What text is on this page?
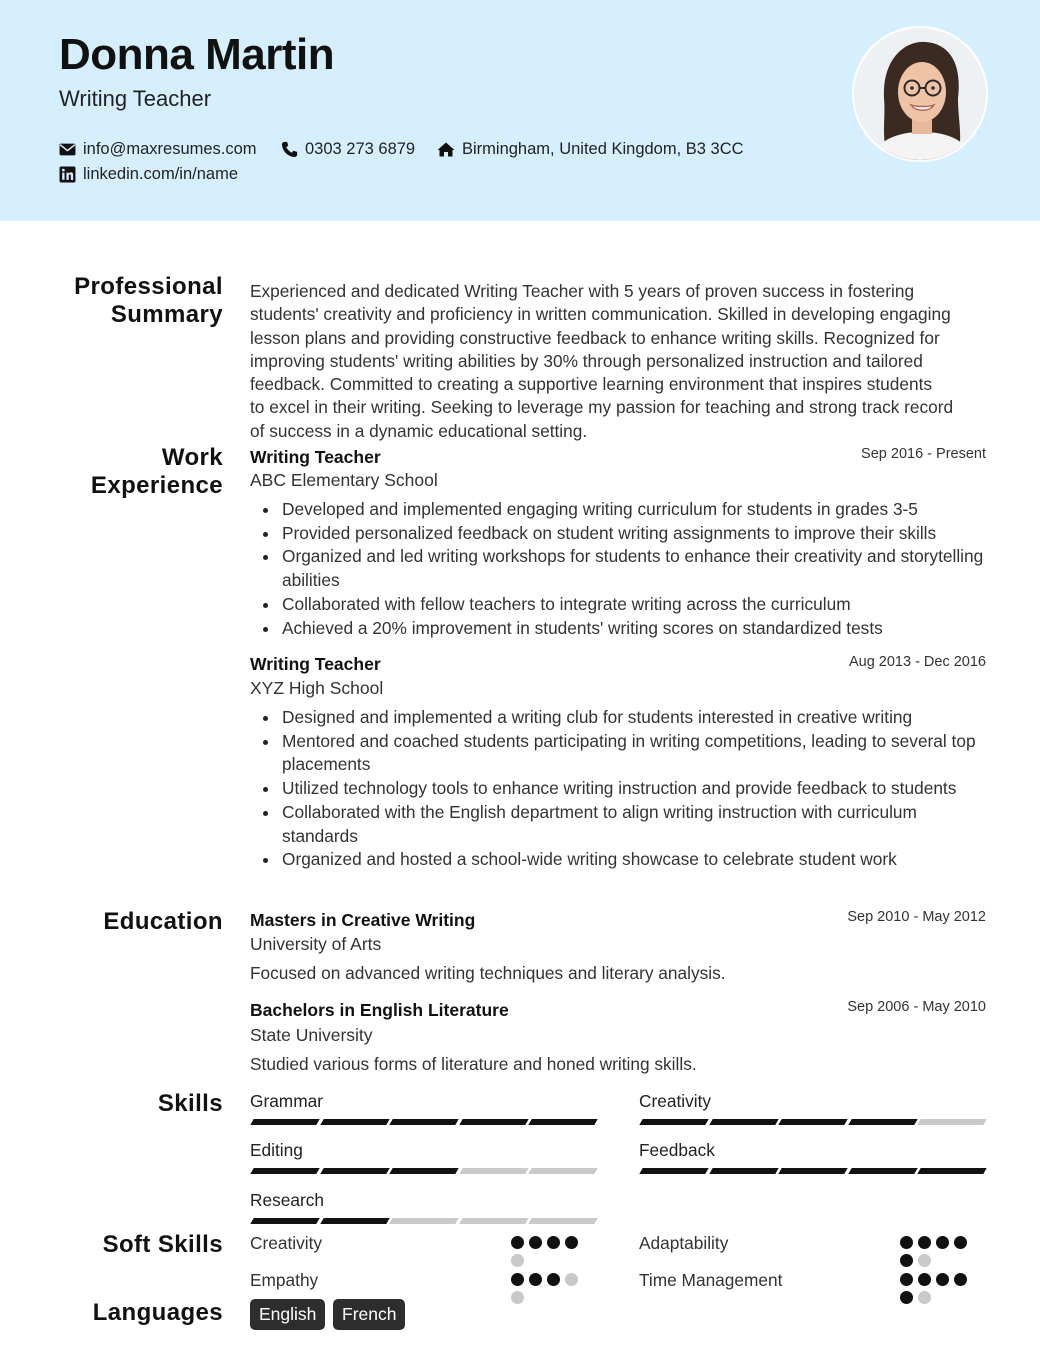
Donna Martin
Writing Teacher
info@maxresumes.com	0303 273 6879	Birmingham, United Kingdom, B3 3CC
linkedin.com/in/name
Professional
Summary
Experienced and dedicated Writing Teacher with 5 years of proven success in fostering
students' creativity and proficiency in written communication. Skilled in developing engaging
lesson plans and providing constructive feedback to enhance writing skills. Recognized for
improving students' writing abilities by 30% through personalized instruction and tailored
feedback. Committed to creating a supportive learning environment that inspires students
to excel in their writing. Seeking to leverage my passion for teaching and strong track record
of success in a dynamic educational setting.
Work
Experience
Writing Teacher	Sep 2016 - Present
ABC Elementary School
Developed and implemented engaging writing curriculum for students in grades 3-5
Provided personalized feedback on student writing assignments to improve their skills
Organized and led writing workshops for students to enhance their creativity and storytelling abilities
Collaborated with fellow teachers to integrate writing across the curriculum
Achieved a 20% improvement in students' writing scores on standardized tests
Writing Teacher	Aug 2013 - Dec 2016
XYZ High School
Designed and implemented a writing club for students interested in creative writing
Mentored and coached students participating in writing competitions, leading to several top placements
Utilized technology tools to enhance writing instruction and provide feedback to students
Collaborated with the English department to align writing instruction with curriculum standards
Organized and hosted a school-wide writing showcase to celebrate student work
Education Masters in Creative Writing	Sep 2010 - May 2012
University of Arts
Focused on advanced writing techniques and literary analysis.
Bachelors in English Literature	Sep 2006 - May 2010
State University
Studied various forms of literature and honed writing skills.
Skills Grammar	Creativity
Editing	Feedback
Research
Soft Skills Creativity	Adaptability
Empathy	Time Management
Languages	English	French
